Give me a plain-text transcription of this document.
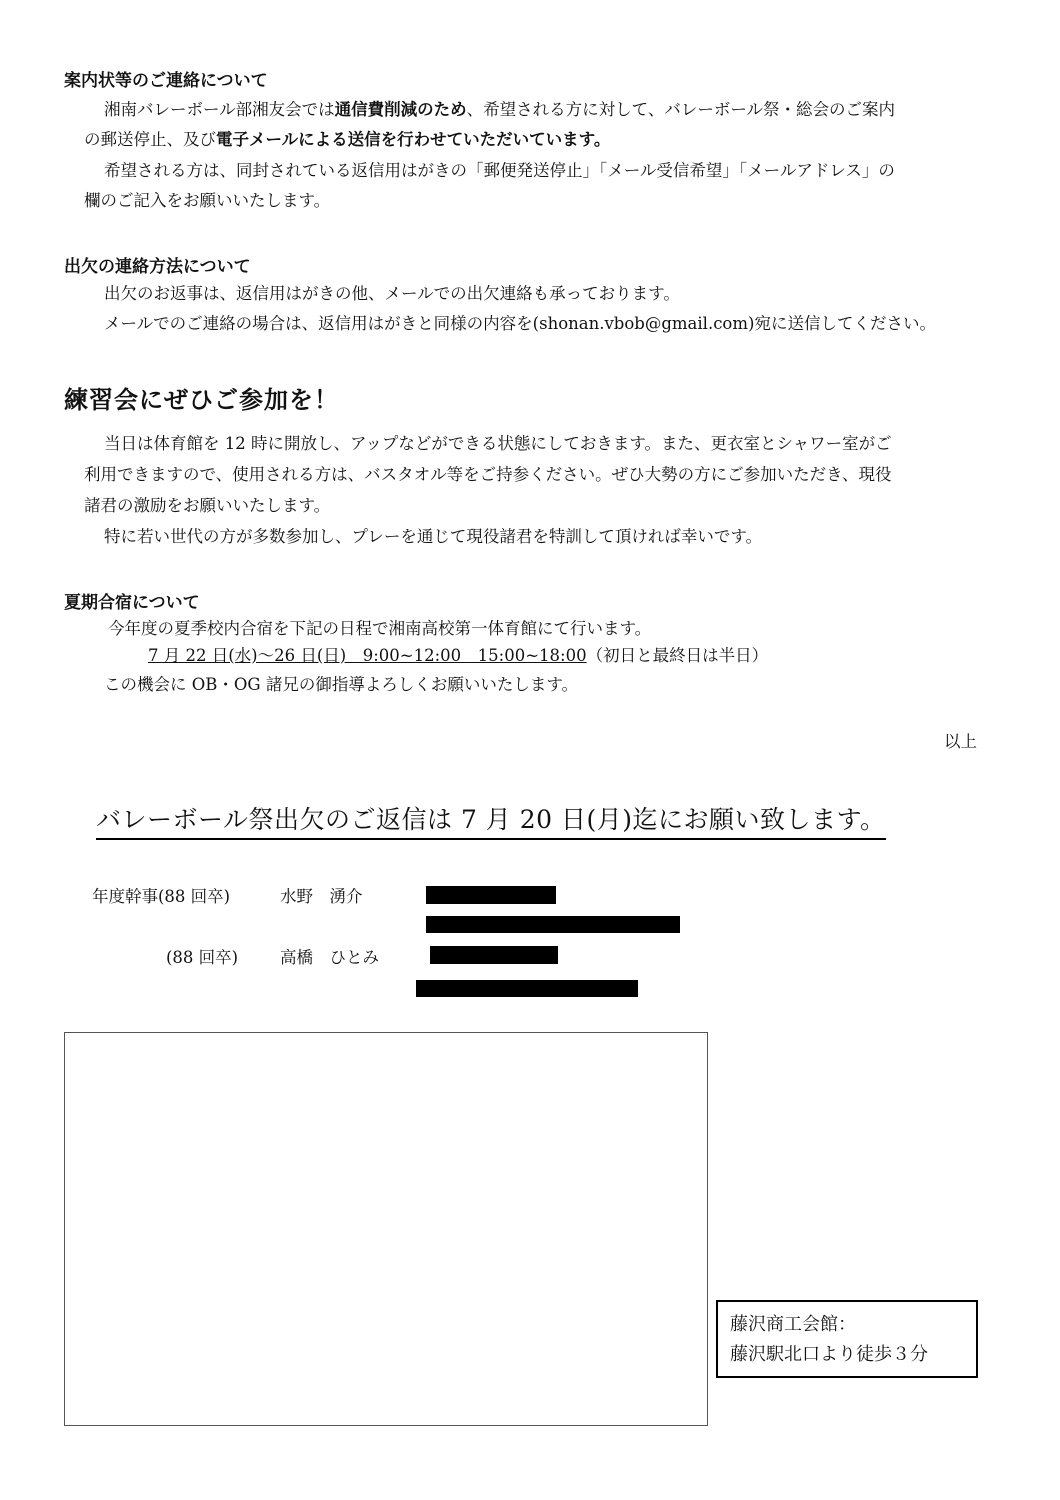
案内状等のご連絡について
湘南バレーボール部湘友会では通信費削減のため、希望される方に対して、バレーボール祭・総会のご案内
の郵送停止、及び電子メールによる送信を行わせていただいています。
希望される方は、同封されている返信用はがきの「郵便発送停止」「メール受信希望」「メールアドレス」の
欄のご記入をお願いいたします。
出欠の連絡方法について
出欠のお返事は、返信用はがきの他、メールでの出欠連絡も承っております。
メールでのご連絡の場合は、返信用はがきと同様の内容を(shonan.vbob@gmail.com)宛に送信してください。
練習会にぜひご参加を！
当日は体育館を 12 時に開放し、アップなどができる状態にしておきます。また、更衣室とシャワー室がご
利用できますので、使用される方は、バスタオル等をご持参ください。ぜひ大勢の方にご参加いただき、現役
諸君の激励をお願いいたします。
特に若い世代の方が多数参加し、プレーを通じて現役諸君を特訓して頂ければ幸いです。
夏期合宿について
今年度の夏季校内合宿を下記の日程で湘南高校第一体育館にて行います。
7 月 22 日(水)～26 日(日)　9:00~12:00　15:00~18:00（初日と最終日は半日）
この機会に OB・OG 諸兄の御指導よろしくお願いいたします。
以上
バレーボール祭出欠のご返信は 7 月 20 日(月)迄にお願い致します。
年度幹事(88 回卒)	水野　湧介
(88 回卒)	高橋　ひとみ
藤沢商工会館：
藤沢駅北口より徒歩３分
